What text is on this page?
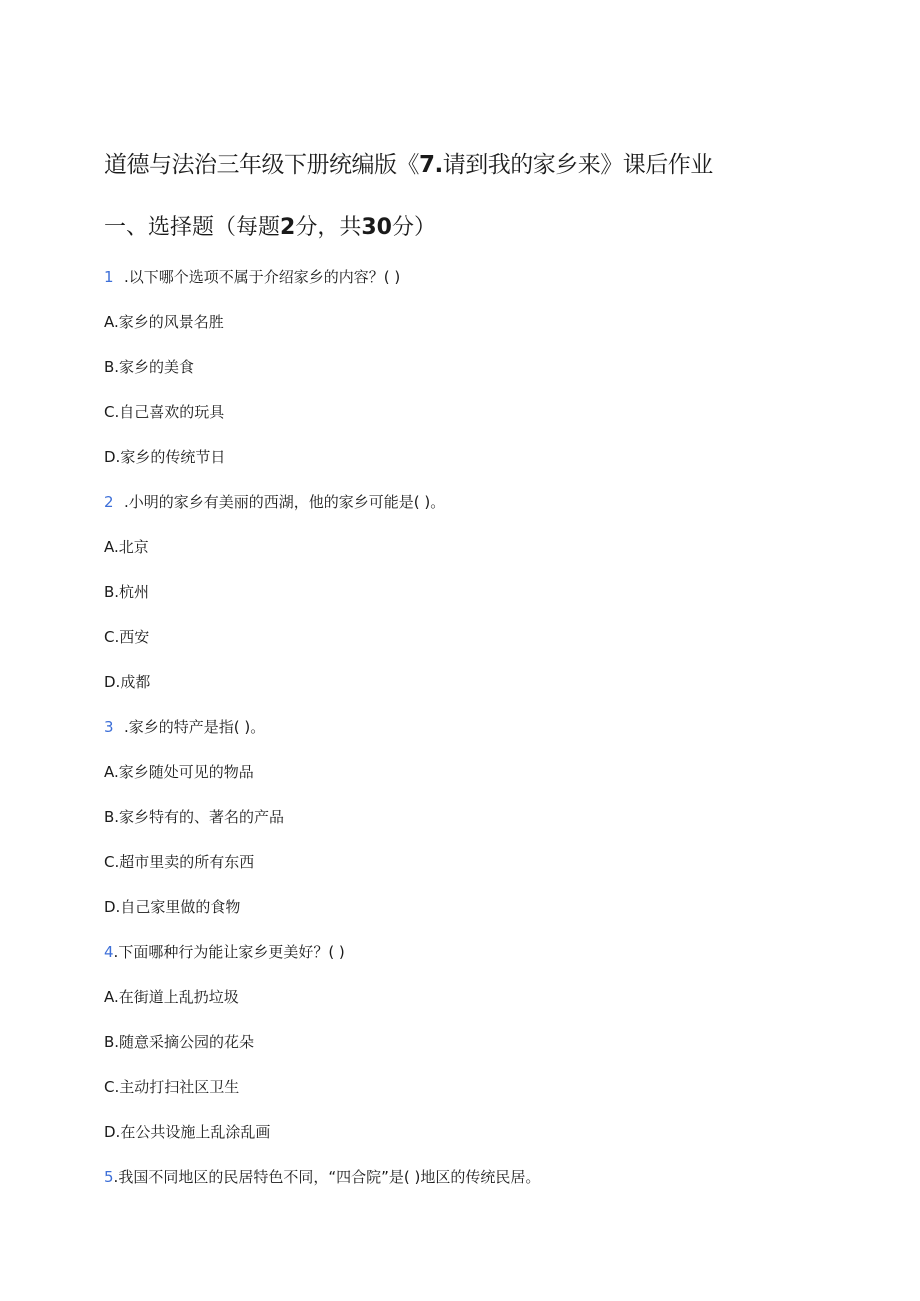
道德与法治三年级下册统编版《7.请到我的家乡来》课后作业
一、选择题（每题2分，共30分）
1 .以下哪个选项不属于介绍家乡的内容？( )
A.家乡的风景名胜
B.家乡的美食
C.自己喜欢的玩具
D.家乡的传统节日
2 .小明的家乡有美丽的西湖，他的家乡可能是( )。
A.北京
B.杭州
C.西安
D.成都
3 .家乡的特产是指( )。
A.家乡随处可见的物品
B.家乡特有的、著名的产品
C.超市里卖的所有东西
D.自己家里做的食物
4.下面哪种行为能让家乡更美好？( )
A.在街道上乱扔垃圾
B.随意采摘公园的花朵
C.主动打扫社区卫生
D.在公共设施上乱涂乱画
5.我国不同地区的民居特色不同，“四合院”是( )地区的传统民居。
